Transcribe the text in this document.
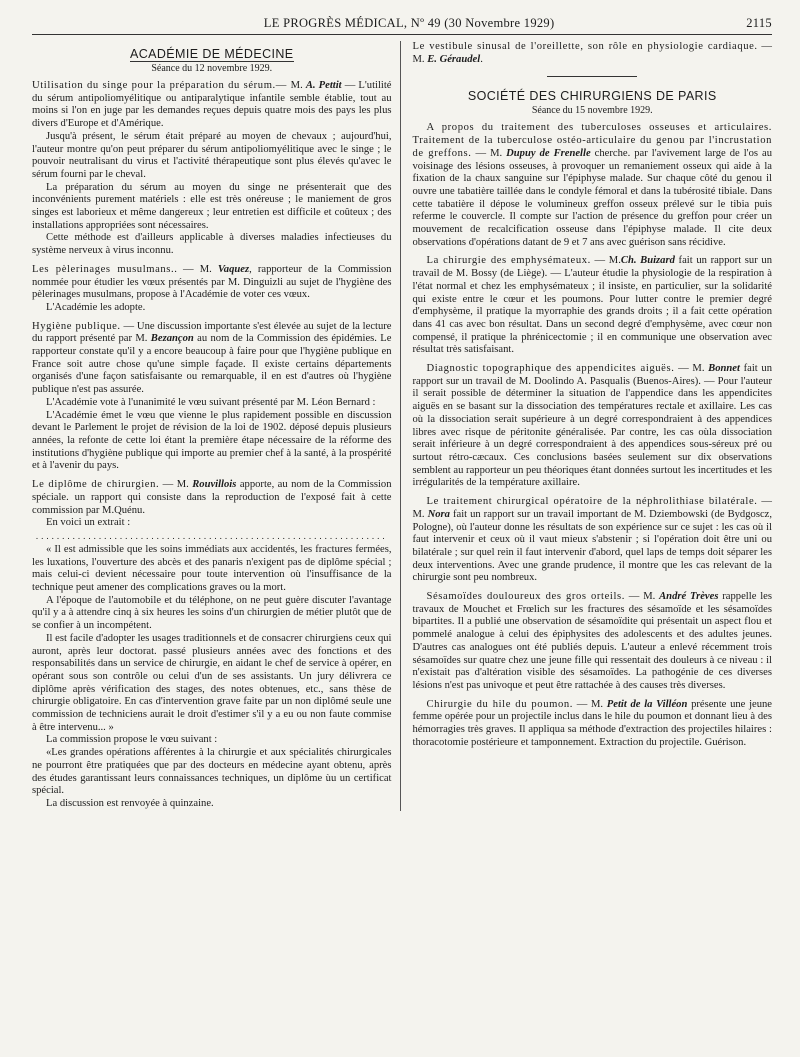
LE PROGRÈS MÉDICAL, Nº 49 (30 Novembre 1929)	2115
ACADÉMIE DE MÉDECINE
Séance du 12 novembre 1929.

Utilisation du singe pour la préparation du sérum.— M. A. Pettit — L'utilité du sérum antipoliomyélitique ou antiparalytique infantile semble établie, tout au moins si l'on en juge par les demandes reçues depuis quatre mois des pays les plus divers d'Europe et d'Amérique.

Jusqu'à présent, le sérum était préparé au moyen de chevaux ; aujourd'hui, l'auteur montre qu'on peut préparer du sérum antipoliomyélitique avec le singe ; le pouvoir neutralisant du virus et l'activité thérapeutique sont plus élevés qu'avec le sérum fourni par le cheval.

La préparation du sérum au moyen du singe ne présenterait que des inconvénients purement matériels : elle est très onéreuse ; le maniement de gros singes est laborieux et même dangereux ; leur entretien est difficile et coûteux ; des installations appropriées sont nécessaires.

Cette méthode est d'ailleurs applicable à diverses maladies infectieuses du système nerveux à virus inconnu.

Les pèlerinages musulmans.. — M. Vaquez, rapporteur de la Commission nommée pour étudier les vœux présentés par M. Dinguizli au sujet de l'hygiène des pèlerinages musulmans, propose à l'Académie de voter ces vœux.

L'Académie les adopte.

Hygiène publique. — Une discussion importante s'est élevée au sujet de la lecture du rapport présenté par M. Bezançon au nom de la Commission des épidémies. Le rapporteur constate qu'il y a encore beaucoup à faire pour que l'hygiène publique en France soit autre chose qu'une simple façade. Il existe certains départements organisés d'une façon satisfaisante ou remarquable, il en est d'autres où l'hygiène publique n'est pas assurée.

L'Académie vote à l'unanimité le vœu suivant présenté par M. Léon Bernard :

L'Académie émet le vœu que vienne le plus rapidement possible en discussion devant le Parlement le projet de révision de la loi de 1902. déposé depuis plusieurs années, la refonte de cette loi étant la première étape nécessaire de la réforme des institutions d'hygiène publique qui importe au premier chef à la santé, à la prospérité et à l'avenir du pays.

Le diplôme de chirurgien. — M. Rouvillois apporte, au nom de la Commission spéciale. un rapport qui consiste dans la reproduction de l'exposé fait à cette commission par M.Quénu.

En voici un extrait :

...................................................................

« Il est admissible que les soins immédiats aux accidentés, les fractures fermées, les luxations, l'ouverture des abcès et des panaris n'exigent pas de diplôme spécial ; mais celui-ci devient nécessaire pour toute intervention où l'insuffisance de la technique peut amener des complications graves ou la mort.

A l'époque de l'automobile et du téléphone, on ne peut guère discuter l'avantage qu'il y a à attendre cinq à six heures les soins d'un chirurgien de métier plutôt que de se confier à un incompétent.

Il est facile d'adopter les usages traditionnels et de consacrer chirurgiens ceux qui auront, après leur doctorat. passé plusieurs années avec des fonctions et des responsabilités dans un service de chirurgie, en aidant le chef de service à opérer, en opérant sous son contrôle ou celui d'un de ses assistants. Un jury délivrera ce diplôme après vérification des stages, des notes obtenues, etc., sans thèse de chirurgie obligatoire. En cas d'intervention grave faite par un non diplômé seule une commission de techniciens aurait le droit d'estimer s'il y a eu ou non faute commise à être intervenu... »

La commission propose le vœu suivant :

«Les grandes opérations afférentes à la chirurgie et aux spécialités chirurgicales ne pourront être pratiquées que par des docteurs en médecine ayant obtenu, après des études garantissant leurs connaissances techniques, un diplôme ùu un certificat spécial.

La discussion est renvoyée à quinzaine.

Le vestibule sinusal de l'oreillette, son rôle en physiologie cardiaque. — M. E. Géraudel.

SOCIÉTÉ DES CHIRURGIENS DE PARIS
Séance du 15 novembre 1929.

A propos du traitement des tuberculoses osseuses et articulaires. Traitement de la tuberculose ostéo-articulaire du genou par l'incrustation de greffons. — M. Dupuy de Frenelle cherche. par l'avivement large de l'os au voisinage des lésions osseuses, à provoquer un remaniement osseux qui aide à la fixation de la chaux sanguine sur l'épiphyse malade. Sur chaque côté du genou il ouvre une tabatière taillée dans le condyle fémoral et dans la tubérosité tibiale. Dans cette tabatière il dépose le volumineux greffon osseux prélevé sur le tibia puis referme le couvercle. Il compte sur l'action de présence du greffon pour créer un mouvement de recalcification osseuse dans l'épiphyse malade. Il cite deux observations d'opérations datant de 9 et 7 ans avec guérison sans récidive.

La chirurgie des emphysémateux. — M.Ch. Buizard fait un rapport sur un travail de M. Bossy (de Liège). — L'auteur étudie la physiologie de la respiration à l'état normal et chez les emphysémateux ; il insiste, en particulier, sur la solidarité qui existe entre le cœur et les poumons. Pour lutter contre le premier degré d'emphysème, il pratique la myorraphie des grands droits ; il a fait cette opération dans 41 cas avec bon résultat. Dans un second degré d'emphysème, avec cœur non compensé, il pratique la phrénicectomie ; il en communique une observation avec résultat très satisfaisant.

Diagnostic topographique des appendicites aiguës. — M. Bonnet fait un rapport sur un travail de M. Doolindo A. Pasqualis (Buenos-Aires). — Pour l'auteur il serait possible de déterminer la situation de l'appendice dans les appendicites aiguës en se basant sur la dissociation des températures rectale et axillaire. Les cas où la dissociation serait supérieure à un degré correspondraient à des appendices libres avec risque de péritonite généralisée. Par contre, les cas oùla dissociation serait inférieure à un degré correspondraient à des appendices sous-séreux pré ou surtout rétro-cæcaux. Ces conclusions basées seulement sur dix observations semblent au rapporteur un peu théoriques étant données surtout les incertitudes et les irrégularités de la température axillaire.

Le traitement chirurgical opératoire de la néphrolithiase bilatérale. — M. Nora fait un rapport sur un travail important de M. Dziembowski (de Bydgoscz, Pologne), où l'auteur donne les résultats de son expérience sur ce sujet : les cas où il faut intervenir et ceux où il vaut mieux s'abstenir ; si l'opération doit être uni ou bilatérale ; sur quel rein il faut intervenir d'abord, quel laps de temps doit séparer les deux interventions. Avec une grande prudence, il montre que les cas relevant de la chirurgie sont peu nombreux.

Sésamoïdes douloureux des gros orteils. — M. André Trèves rappelle les travaux de Mouchet et Frœlich sur les fractures des sésamoïde et les sésamoïdes bipartites. Il a publié une observation de sésamoïdite qui présentait un aspect flou et pommelé analogue à celui des épiphysites des adolescents et des adultes jeunes. D'autres cas analogues ont été publiés depuis. L'auteur a enlevé récemment trois sésamoïdes sur quatre chez une jeune fille qui ressentait des douleurs à ce niveau : il n'existait pas d'altération visible des sésamoïdes. La pathogénie de ces diverses lésions n'est pas univoque et peut être rattachée à des causes très diverses.

Chirurgie du hile du poumon. — M. Petit de la Villéon présente une jeune femme opérée pour un projectile inclus dans le hile du poumon et donnant lieu à des hémorragies très graves. Il appliqua sa méthode d'extraction des projectiles hilaires : thoracotomie postérieure et tamponnement. Extraction du projectile. Guérison.
